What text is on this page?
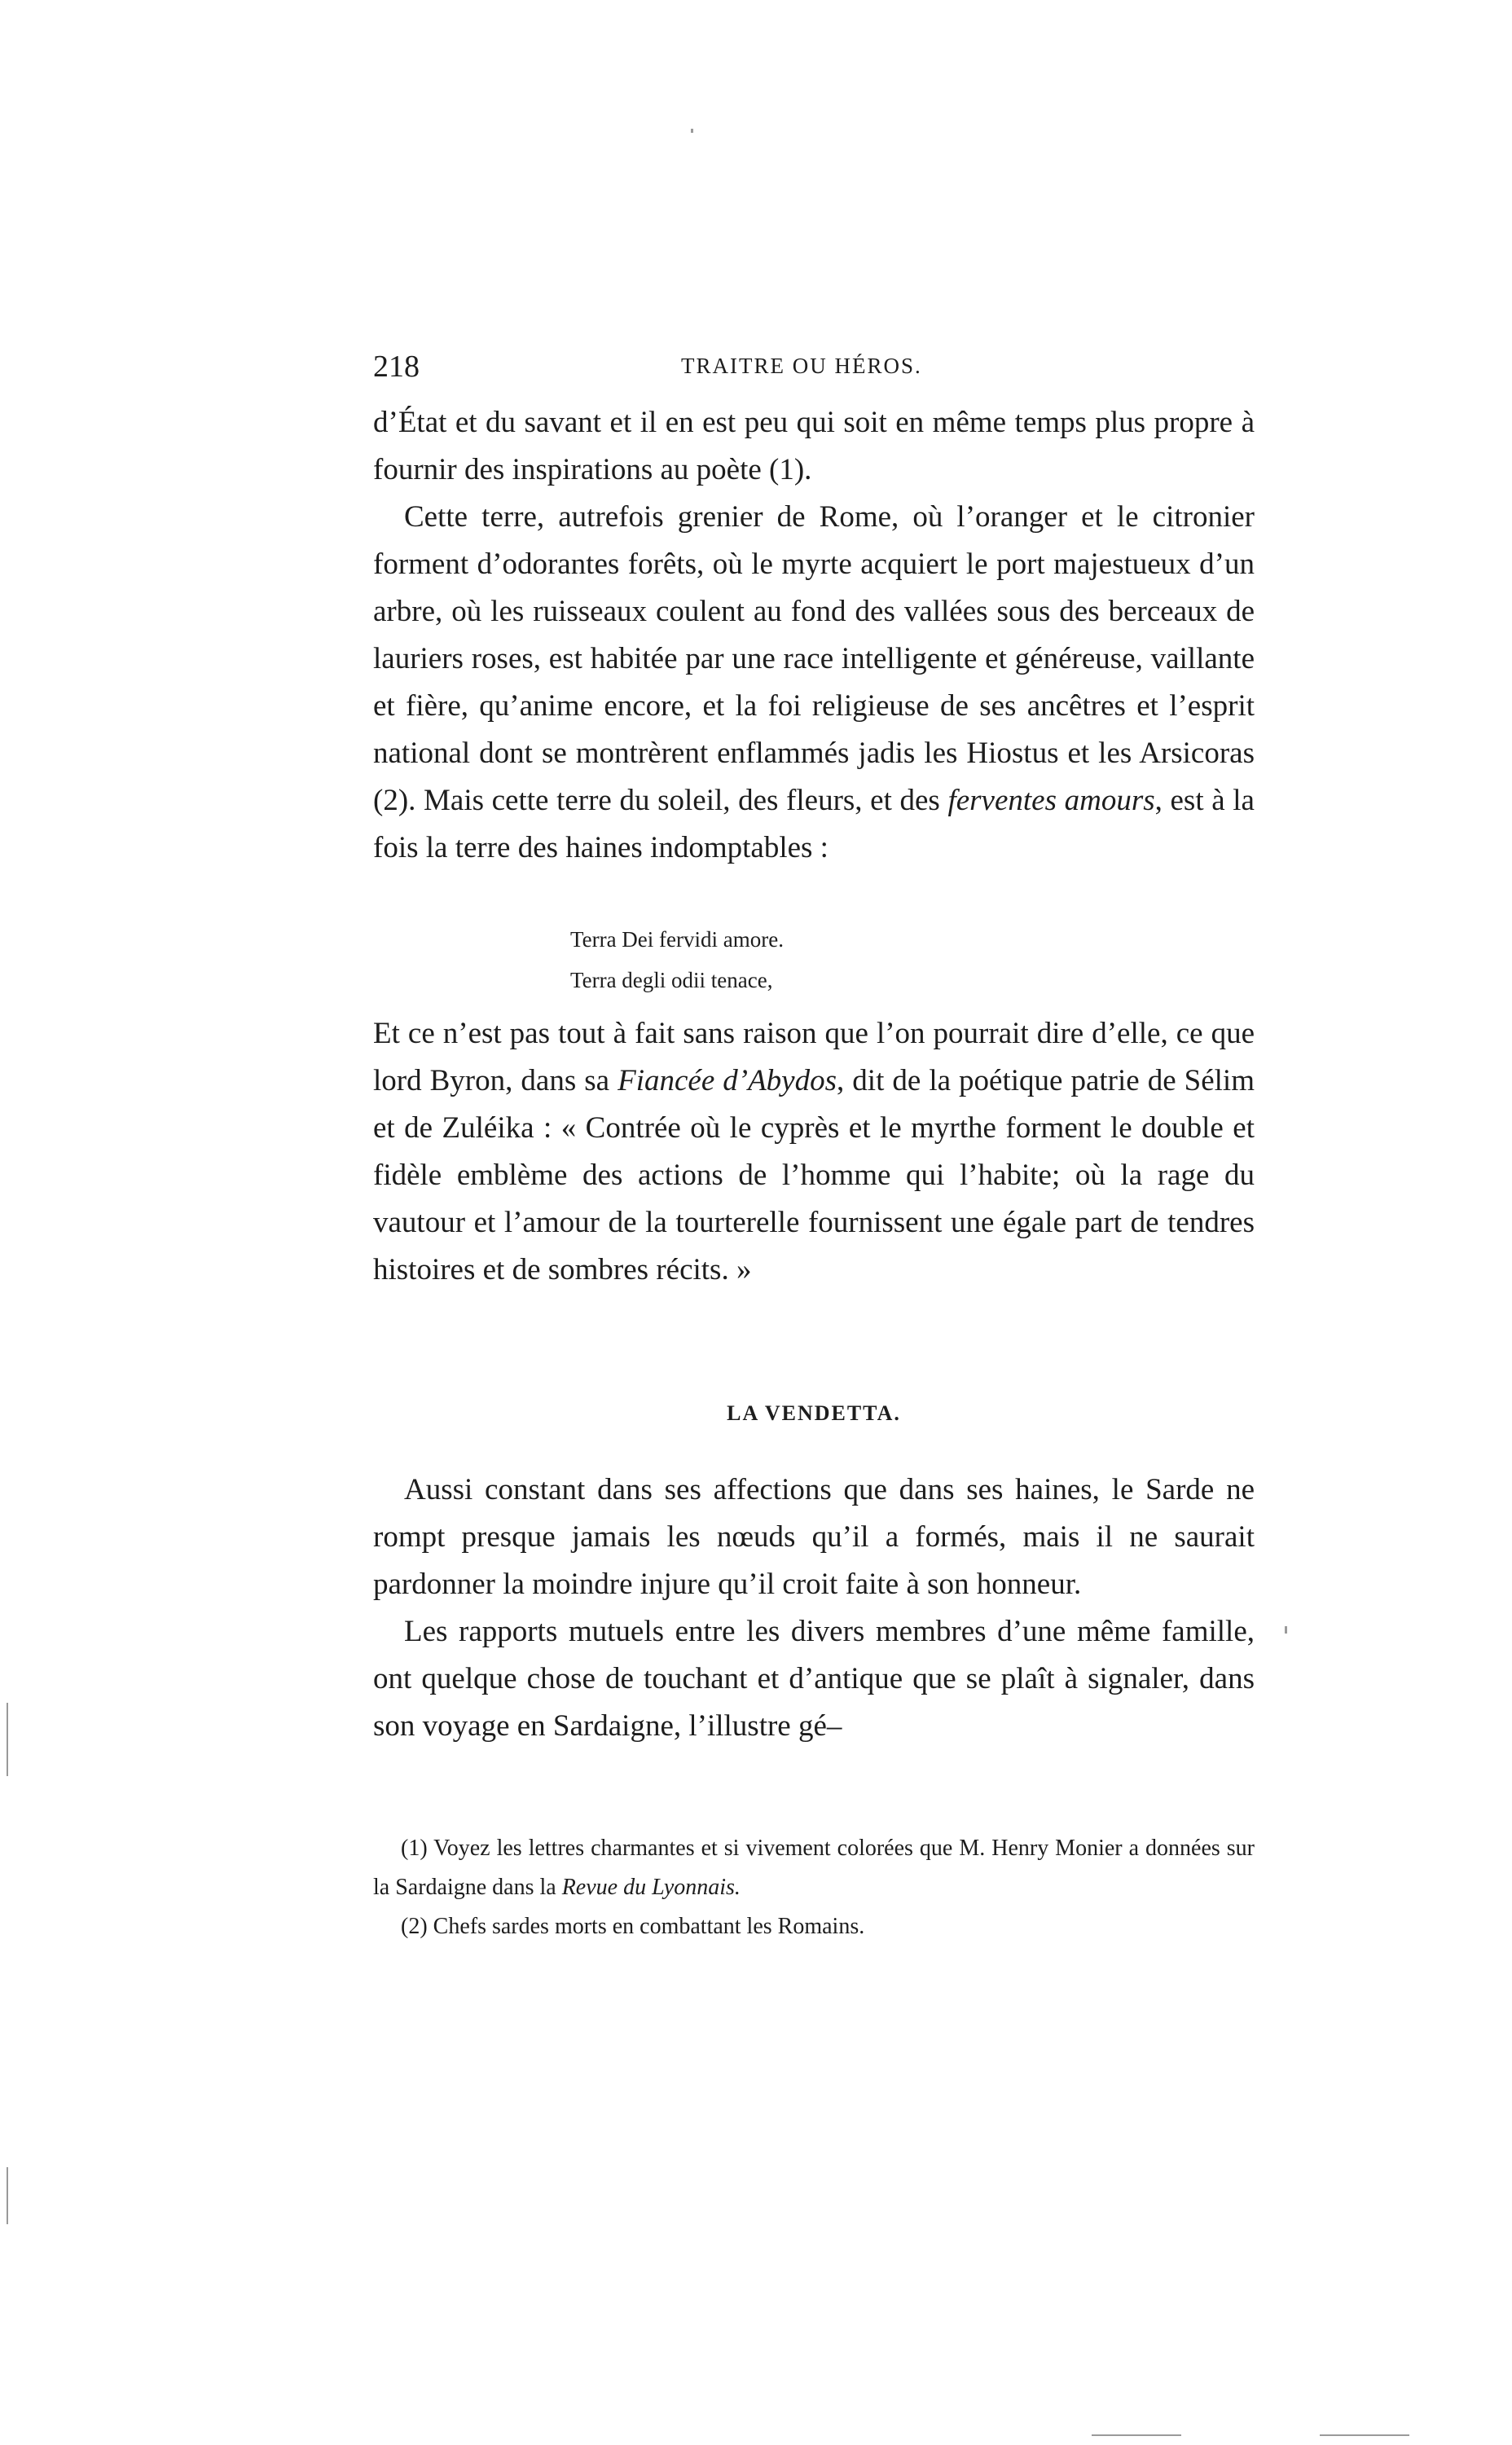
218	TRAITRE OU HÉROS.

d’État et du savant et il en est peu qui soit en même temps plus propre à fournir des inspirations au poète (1).

Cette terre, autrefois grenier de Rome, où l’oranger et le citronier forment d’odorantes forêts, où le myrte acquiert le port majestueux d’un arbre, où les ruisseaux coulent au fond des vallées sous des berceaux de lauriers roses, est habitée par une race intelligente et généreuse, vaillante et fière, qu’anime encore, et la foi religieuse de ses ancêtres et l’esprit national dont se montrèrent enflammés jadis les Hiostus et les Arsicoras (2). Mais cette terre du soleil, des fleurs, et des ferventes amours, est à la fois la terre des haines indomptables :

Terra Dei fervidi amore.
Terra degli odii tenace,

Et ce n’est pas tout à fait sans raison que l’on pourrait dire d’elle, ce que lord Byron, dans sa Fiancée d’Abydos, dit de la poétique patrie de Sélim et de Zuléika : « Contrée où le cyprès et le myrthe forment le double et fidèle emblème des actions de l’homme qui l’habite; où la rage du vautour et l’amour de la tourterelle fournissent une égale part de tendres histoires et de sombres récits. »

LA VENDETTA.

Aussi constant dans ses affections que dans ses haines, le Sarde ne rompt presque jamais les nœuds qu’il a formés, mais il ne saurait pardonner la moindre injure qu’il croit faite à son honneur.

Les rapports mutuels entre les divers membres d’une même famille, ont quelque chose de touchant et d’antique que se plaît à signaler, dans son voyage en Sardaigne, l’illustre gé–

(1) Voyez les lettres charmantes et si vivement colorées que M. Henry Monier a données sur la Sardaigne dans la Revue du Lyonnais.

(2) Chefs sardes morts en combattant les Romains.
